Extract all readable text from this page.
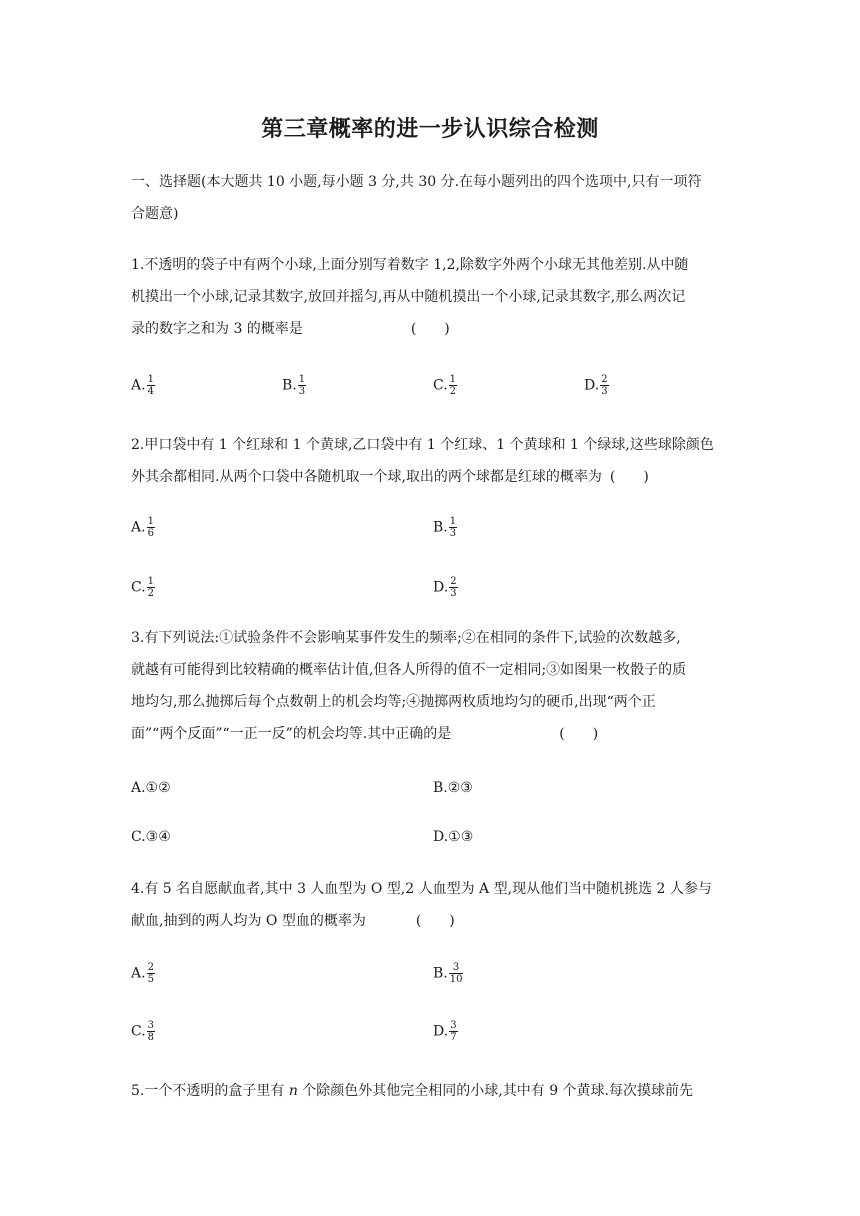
第三章概率的进一步认识综合检测

一、选择题(本大题共 10 小题,每小题 3 分,共 30 分.在每小题列出的四个选项中,只有一项符
合题意)

1.不透明的袋子中有两个小球,上面分别写着数字 1,2,除数字外两个小球无其他差别.从中随
机摸出一个小球,记录其数字,放回并摇匀,再从中随机摸出一个小球,记录其数字,那么两次记
录的数字之和为 3 的概率是	(　　)

A. $\frac{1}{4}$	B. $\frac{1}{3}$	C. $\frac{1}{2}$	D. $\frac{2}{3}$

2.甲口袋中有 1 个红球和 1 个黄球,乙口袋中有 1 个红球、1 个黄球和 1 个绿球,这些球除颜色
外其余都相同.从两个口袋中各随机取一个球,取出的两个球都是红球的概率为 (　　)

A. $\frac{1}{6}$	B. $\frac{1}{3}$
C. $\frac{1}{2}$	D. $\frac{2}{3}$

3.有下列说法:①试验条件不会影响某事件发生的频率;②在相同的条件下,试验的次数越多,
就越有可能得到比较精确的概率估计值,但各人所得的值不一定相同;③如图果一枚骰子的质
地均匀,那么抛掷后每个点数朝上的机会均等;④抛掷两枚质地均匀的硬币,出现“两个正
面”“两个反面”“一正一反”的机会均等.其中正确的是	(　　)

A.①②	B.②③
C.③④	D.①③

4.有 5 名自愿献血者,其中 3 人血型为 O 型,2 人血型为 A 型,现从他们当中随机挑选 2 人参与
献血,抽到的两人均为 O 型血的概率为	(　　)

A. $\frac{2}{5}$	B. $\frac{3}{10}$
C. $\frac{3}{8}$	D. $\frac{3}{7}$

5.一个不透明的盒子里有 n 个除颜色外其他完全相同的小球,其中有 9 个黄球.每次摸球前先
